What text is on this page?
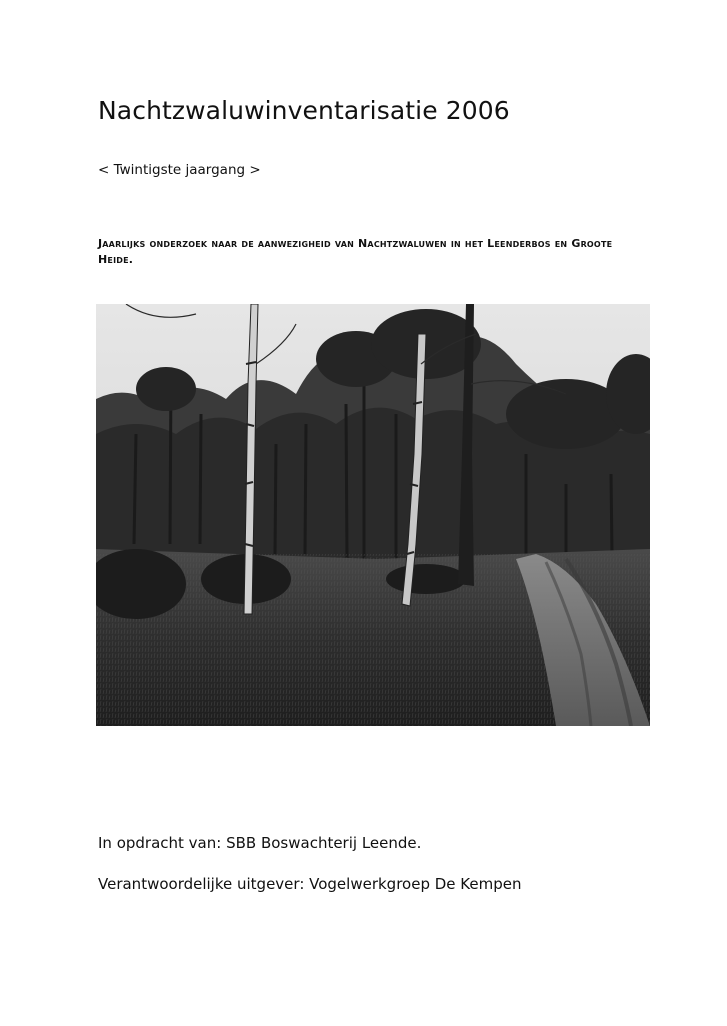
Nachtzwaluwinventarisatie 2006

< Twintigste jaargang >

Jaarlijks onderzoek naar de aanwezigheid van Nachtzwaluwen in het Leenderbos en Groote Heide.

In opdracht van: SBB Boswachterij Leende.

Verantwoordelijke uitgever: Vogelwerkgroep De Kempen
